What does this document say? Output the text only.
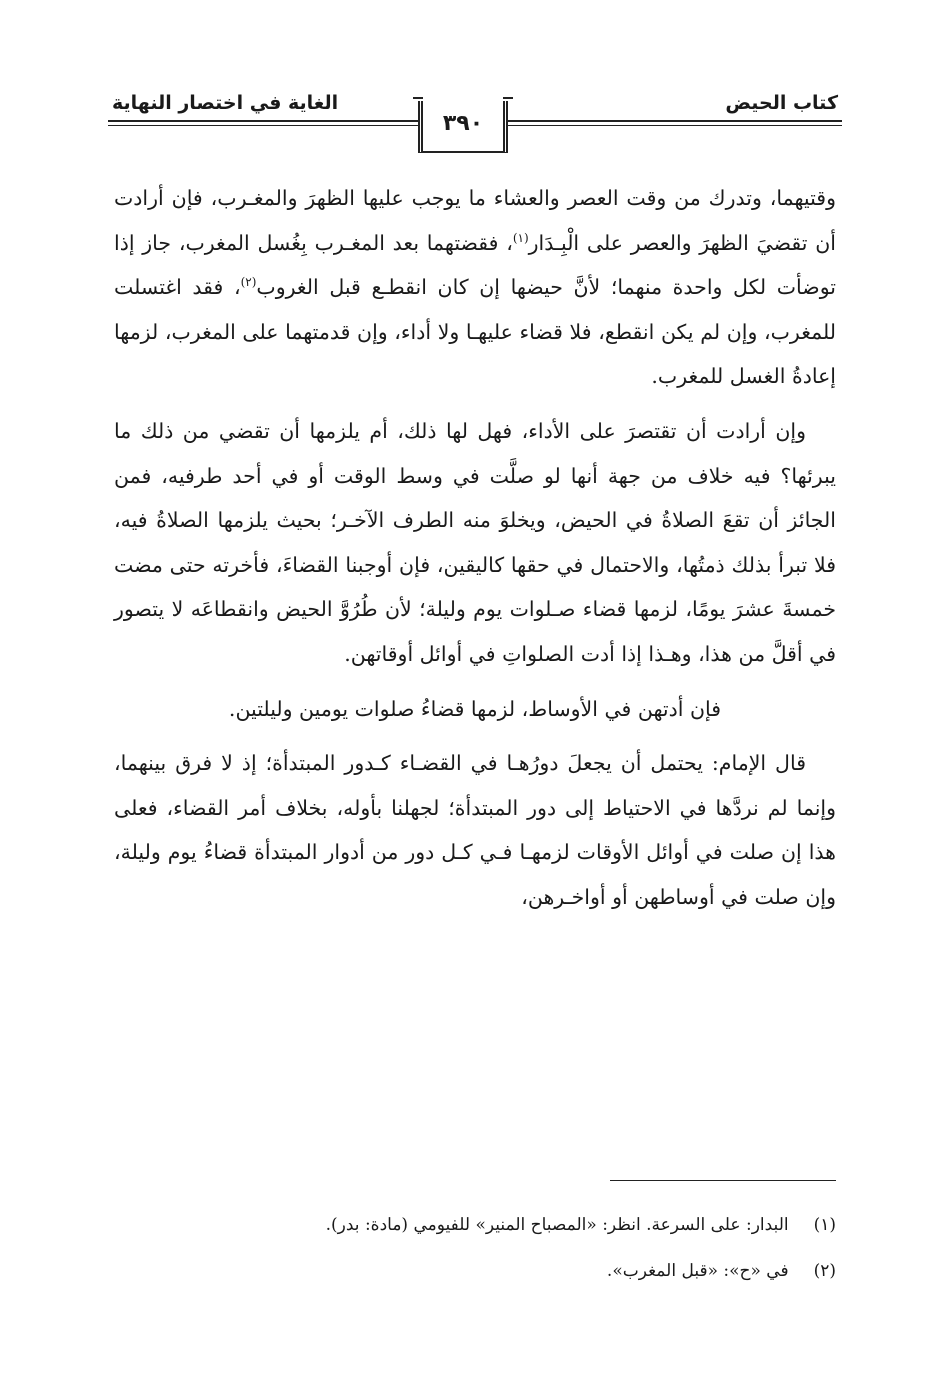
كتاب الحيض
الغاية في اختصار النهاية
٣٩٠

وقتيهما، وتدرك من وقت العصر والعشاء ما يوجب عليها الظهرَ والمغـرب، فإن أرادت أن تقضيَ الظهرَ والعصر على الْبِـدَار$^{(١)}$، فقضتهما بعد المغـرب بِغُسل المغرب، جاز إذا توضأت لكل واحدة منهما؛ لأنَّ حيضها إن كان انقطـع قبل الغروب$^{(٢)}$، فقد اغتسلت للمغرب، وإن لم يكن انقطع، فلا قضاء عليهـا ولا أداء، وإن قدمتهما على المغرب، لزمها إعادةُ الغسل للمغرب.

وإن أرادت أن تقتصرَ على الأداء، فهل لها ذلك، أم يلزمها أن تقضي من ذلك ما يبرئها؟ فيه خلاف من جهة أنها لو صلَّت في وسط الوقت أو في أحد طرفيه، فمن الجائز أن تقعَ الصلاةُ في الحيض، ويخلوَ منه الطرف الآخـر؛ بحيث يلزمها الصلاةُ فيه، فلا تبرأ بذلك ذمتُها، والاحتمال في حقها كاليقين، فإن أوجبنا القضاءَ، فأخرته حتى مضت خمسةَ عشرَ يومًا، لزمها قضاء صـلوات يوم وليلة؛ لأن طُرُوَّ الحيض وانقطاعَه لا يتصور في أقلَّ من هذا، وهـذا إذا أدت الصلواتِ في أوائل أوقاتهن.

فإن أدتهن في الأوساط، لزمها قضاءُ صلوات يومين وليلتين.

قال الإمام: يحتمل أن يجعلَ دورُهـا في القضـاء كـدور المبتدأة؛ إذ لا فرق بينهما، وإنما لم نردَّها في الاحتياط إلى دور المبتدأة؛ لجهلنا بأوله، بخلاف أمر القضاء، فعلى هذا إن صلت في أوائل الأوقات لزمهـا فـي كـل دور من أدوار المبتدأة قضاءُ يوم وليلة، وإن صلت في أوساطهن أو أواخـرهن،

(١) البدار: على السرعة. انظر: «المصباح المنير» للفيومي (مادة: بدر).
(٢) في «ح»: «قبل المغرب».
